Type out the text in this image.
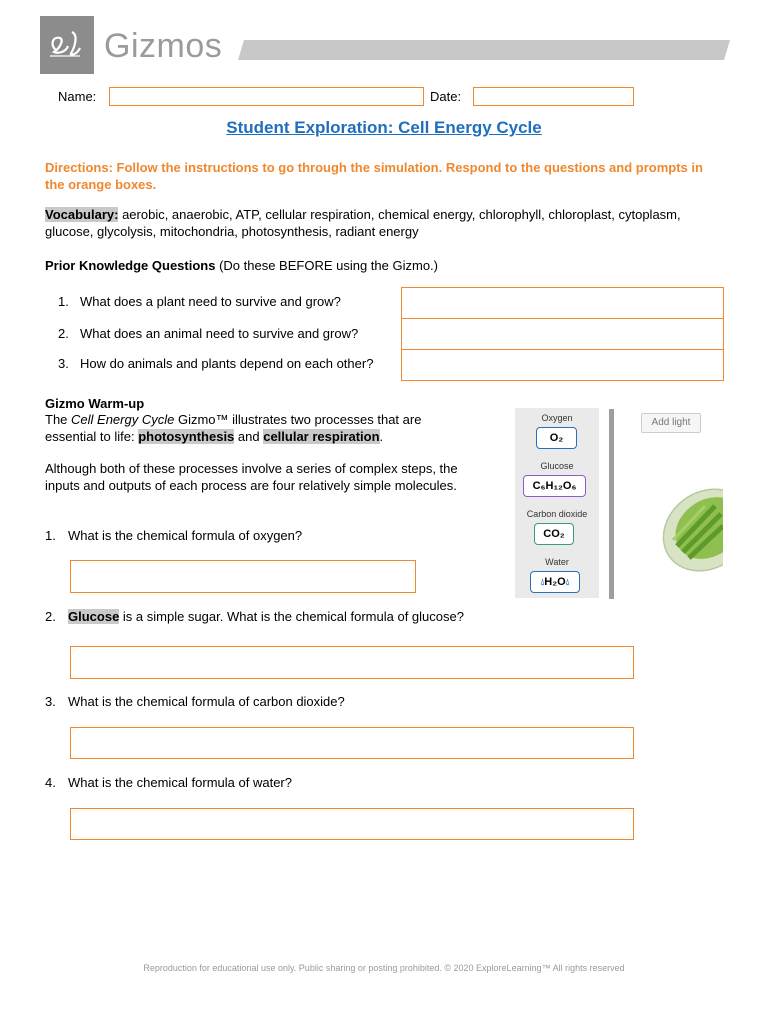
Gizmos
Name:	Date:
Student Exploration: Cell Energy Cycle
Directions: Follow the instructions to go through the simulation. Respond to the questions and prompts in the orange boxes.
Vocabulary: aerobic, anaerobic, ATP, cellular respiration, chemical energy, chlorophyll, chloroplast, cytoplasm, glucose, glycolysis, mitochondria, photosynthesis, radiant energy
Prior Knowledge Questions (Do these BEFORE using the Gizmo.)
1. What does a plant need to survive and grow?
2. What does an animal need to survive and grow?
3. How do animals and plants depend on each other?
Gizmo Warm-up
The Cell Energy Cycle Gizmo™ illustrates two processes that are essential to life: photosynthesis and cellular respiration.
Although both of these processes involve a series of complex steps, the inputs and outputs of each process are four relatively simple molecules.
1. What is the chemical formula of oxygen?
2. Glucose is a simple sugar. What is the chemical formula of glucose?
3. What is the chemical formula of carbon dioxide?
4. What is the chemical formula of water?
Oxygen
O₂
Glucose
C₆H₁₂O₆
Carbon dioxide
CO₂
Water
💧︎H₂O💧︎
Add light
Reproduction for educational use only. Public sharing or posting prohibited. © 2020 ExploreLearning™ All rights reserved
